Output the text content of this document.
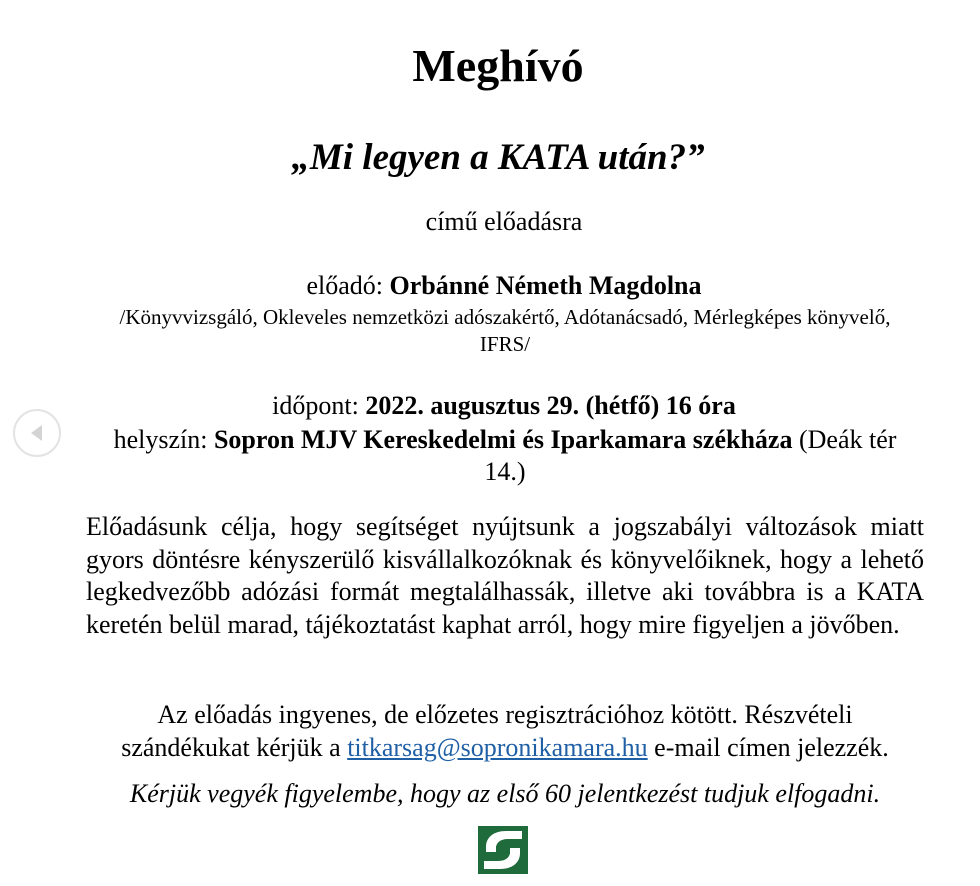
Meghívó
„Mi legyen a KATA után?”
című előadásra
előadó: Orbánné Németh Magdolna
/Könyvvizsgáló, Okleveles nemzetközi adószakértő, Adótanácsadó, Mérlegképes könyvelő, IFRS/
időpont: 2022. augusztus 29. (hétfő) 16 óra
helyszín: Sopron MJV Kereskedelmi és Iparkamara székháza (Deák tér 14.)
Előadásunk célja, hogy segítséget nyújtsunk a jogszabályi változások miatt gyors döntésre kényszerülő kisvállalkozóknak és könyvelőiknek, hogy a lehető legkedvezőbb adózási formát megtalálhassák, illetve aki továbbra is a KATA keretén belül marad, tájékoztatást kaphat arról, hogy mire figyeljen a jövőben.
Az előadás ingyenes, de előzetes regisztrációhoz kötött. Részvételi szándékukat kérjük a titkarsag@sopronikamara.hu e-mail címen jelezzék.
Kérjük vegyék figyelembe, hogy az első 60 jelentkezést tudjuk elfogadni.
